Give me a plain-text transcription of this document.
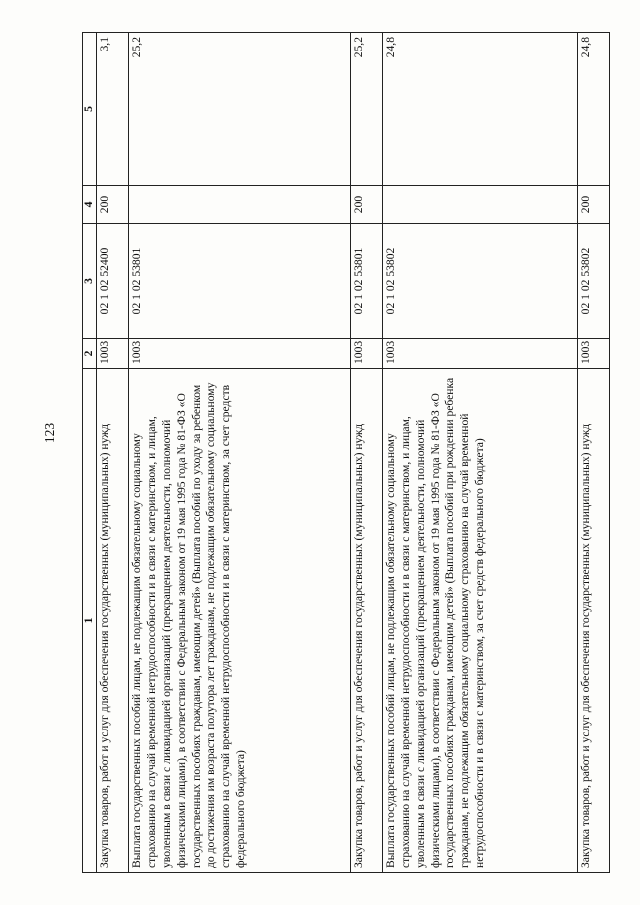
123
1	2	3	4	5
Закупка товаров, работ и услуг для обеспечения государственных (муниципальных) нужд	1003	02 1 02 52400	200	3,1
Выплата государственных пособий лицам, не подлежащим обязательному социальному страхованию на случай временной нетрудоспособности и в связи с материнством, и лицам, уволенным в связи с ликвидацией организаций (прекращением деятельности, полномочий физическими лицами), в соответствии с Федеральным законом от 19 мая 1995 года № 81-ФЗ «О государственных пособиях гражданам, имеющим детей» (Выплата пособий по уходу за ребенком до достижения им возраста полутора лет гражданам, не подлежащим обязательному социальному страхованию на случай временной нетрудоспособности и в связи с материнством, за счет средств федерального бюджета)	1003	02 1 02 53801		25,2
Закупка товаров, работ и услуг для обеспечения государственных (муниципальных) нужд	1003	02 1 02 53801	200	25,2
Выплата государственных пособий лицам, не подлежащим обязательному социальному страхованию на случай временной нетрудоспособности и в связи с материнством, и лицам, уволенным в связи с ликвидацией организаций (прекращением деятельности, полномочий физическими лицами), в соответствии с Федеральным законом от 19 мая 1995 года № 81-ФЗ «О государственных пособиях гражданам, имеющим детей» (Выплата пособий при рождении ребенка гражданам, не подлежащим обязательному социальному страхованию на случай временной нетрудоспособности и в связи с материнством, за счет средств федерального бюджета)	1003	02 1 02 53802		24,8
Закупка товаров, работ и услуг для обеспечения государственных (муниципальных) нужд	1003	02 1 02 53802	200	24,8
